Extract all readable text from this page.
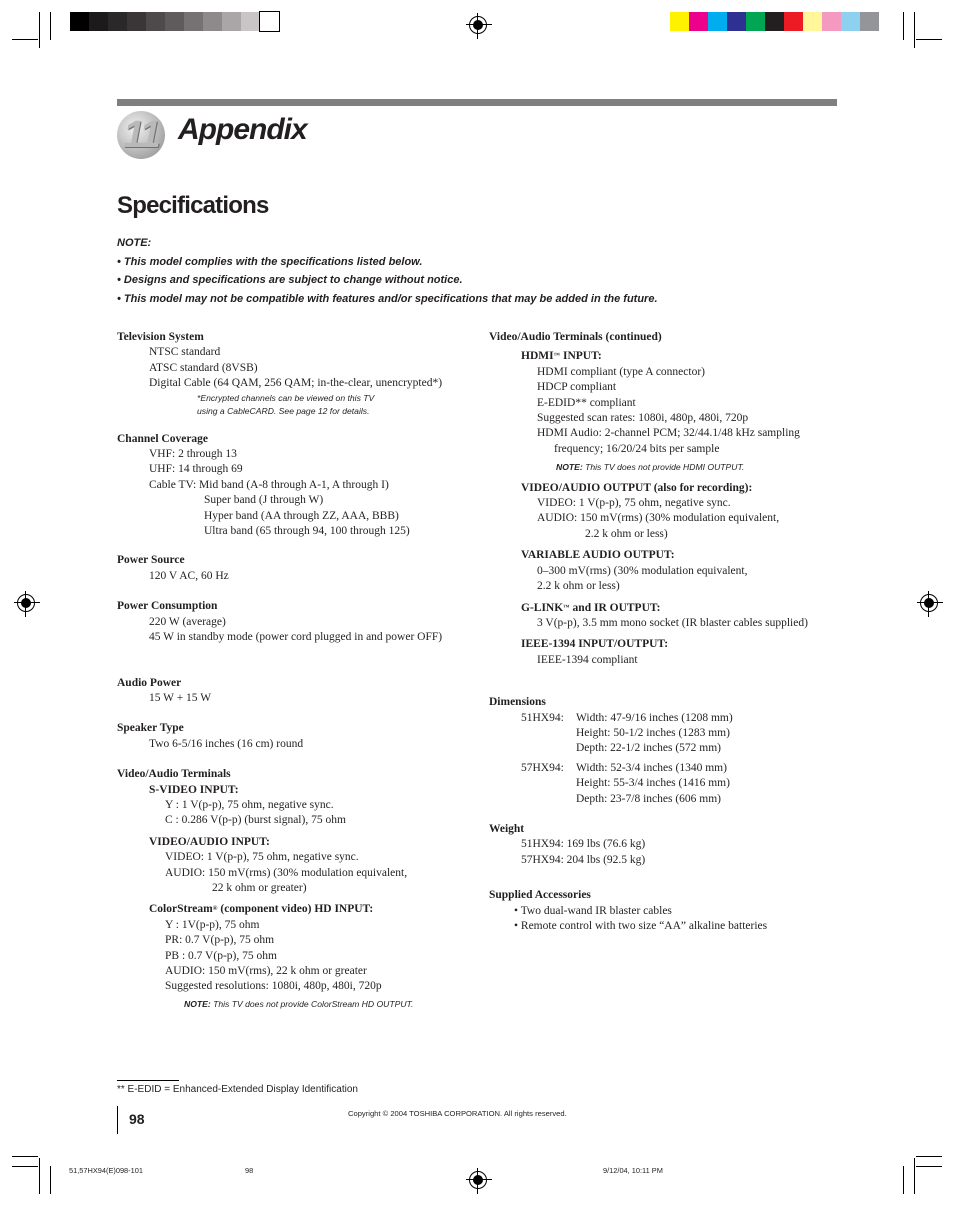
11 Appendix
Specifications
NOTE:
• This model complies with the specifications listed below.
• Designs and specifications are subject to change without notice.
• This model may not be compatible with features and/or specifications that may be added in the future.
Television System
NTSC standard
ATSC standard (8VSB)
Digital Cable (64 QAM, 256 QAM; in-the-clear, unencrypted*)
*Encrypted channels can be viewed on this TV
using a CableCARD. See page 12 for details.
Channel Coverage
VHF: 2 through 13
UHF: 14 through 69
Cable TV: Mid band (A-8 through A-1, A through I)
Super band (J through W)
Hyper band (AA through ZZ, AAA, BBB)
Ultra band (65 through 94, 100 through 125)
Power Source
120 V AC, 60 Hz
Power Consumption
220 W (average)
45 W in standby mode (power cord plugged in and power OFF)
Audio Power
15 W + 15 W
Speaker Type
Two 6-5/16 inches (16 cm) round
Video/Audio Terminals
S-VIDEO INPUT:
Y : 1 V(p-p), 75 ohm, negative sync.
C : 0.286 V(p-p) (burst signal), 75 ohm
VIDEO/AUDIO INPUT:
VIDEO: 1 V(p-p), 75 ohm, negative sync.
AUDIO: 150 mV(rms) (30% modulation equivalent,
22 k ohm or greater)
ColorStream® (component video) HD INPUT:
Y : 1V(p-p), 75 ohm
PR: 0.7 V(p-p), 75 ohm
PB : 0.7 V(p-p), 75 ohm
AUDIO: 150 mV(rms), 22 k ohm or greater
Suggested resolutions: 1080i, 480p, 480i, 720p
NOTE: This TV does not provide ColorStream HD OUTPUT.
Video/Audio Terminals (continued)
HDMI™ INPUT:
HDMI compliant (type A connector)
HDCP compliant
E-EDID** compliant
Suggested scan rates: 1080i, 480p, 480i, 720p
HDMI Audio: 2-channel PCM; 32/44.1/48 kHz sampling
frequency; 16/20/24 bits per sample
NOTE: This TV does not provide HDMI OUTPUT.
VIDEO/AUDIO OUTPUT (also for recording):
VIDEO: 1 V(p-p), 75 ohm, negative sync.
AUDIO: 150 mV(rms) (30% modulation equivalent,
2.2 k ohm or less)
VARIABLE AUDIO OUTPUT:
0–300 mV(rms) (30% modulation equivalent,
2.2 k ohm or less)
G-LINK™ and IR OUTPUT:
3 V(p-p), 3.5 mm mono socket (IR blaster cables supplied)
IEEE-1394 INPUT/OUTPUT:
IEEE-1394 compliant
Dimensions
51HX94:	Width: 47-9/16 inches (1208 mm)
Height: 50-1/2 inches (1283 mm)
Depth: 22-1/2 inches (572 mm)
57HX94:	Width: 52-3/4 inches (1340 mm)
Height: 55-3/4 inches (1416 mm)
Depth: 23-7/8 inches (606 mm)
Weight
51HX94: 169 lbs (76.6 kg)
57HX94: 204 lbs (92.5 kg)
Supplied Accessories
• Two dual-wand IR blaster cables
• Remote control with two size “AA” alkaline batteries
** E-EDID = Enhanced-Extended Display Identification
98	Copyright © 2004 TOSHIBA CORPORATION. All rights reserved.
51,57HX94(E)098-101	98	9/12/04, 10:11 PM
